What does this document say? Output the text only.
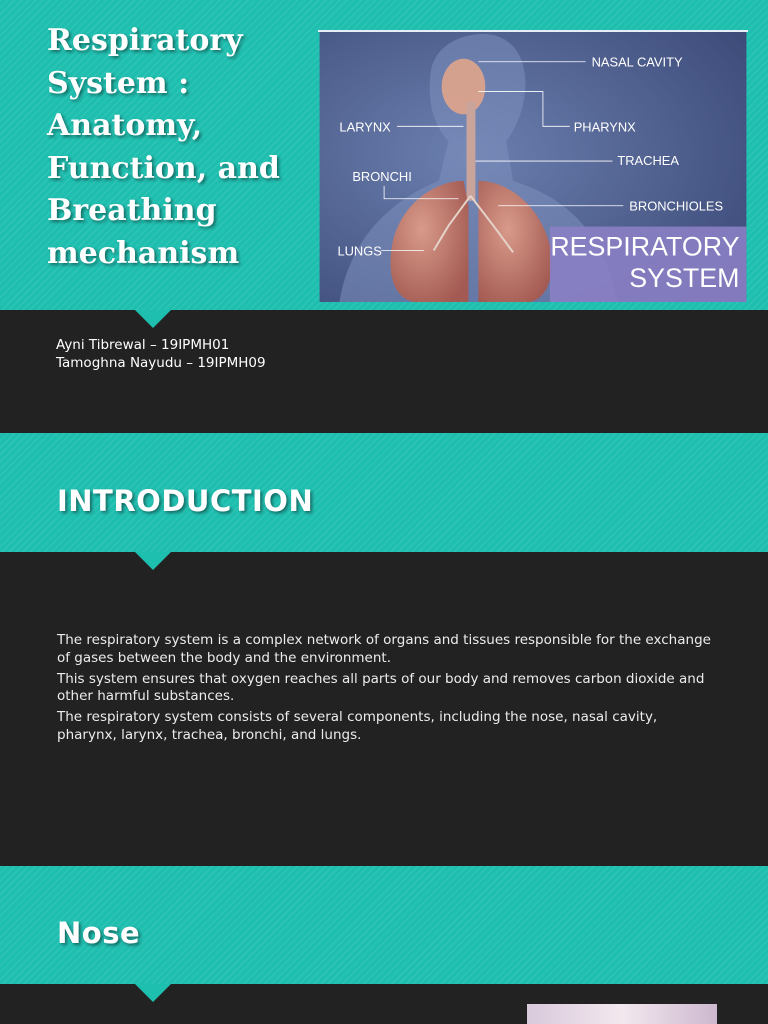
Respiratory
System :
Anatomy,
Function, and
Breathing
mechanism
NASAL CAVITY
LARYNX	PHARYNX
TRACHEA
BRONCHI
BRONCHIOLES
LUNGS	RESPIRATORY
SYSTEM
Ayni Tibrewal – 19IPMH01
Tamoghna Nayudu – 19IPMH09
INTRODUCTION

The respiratory system is a complex network of organs and tissues responsible for the exchange of gases between the body and the environment.

This system ensures that oxygen reaches all parts of our body and removes carbon dioxide and other harmful substances.

The respiratory system consists of several components, including the nose, nasal cavity, pharynx, larynx, trachea, bronchi, and lungs.

Nose
